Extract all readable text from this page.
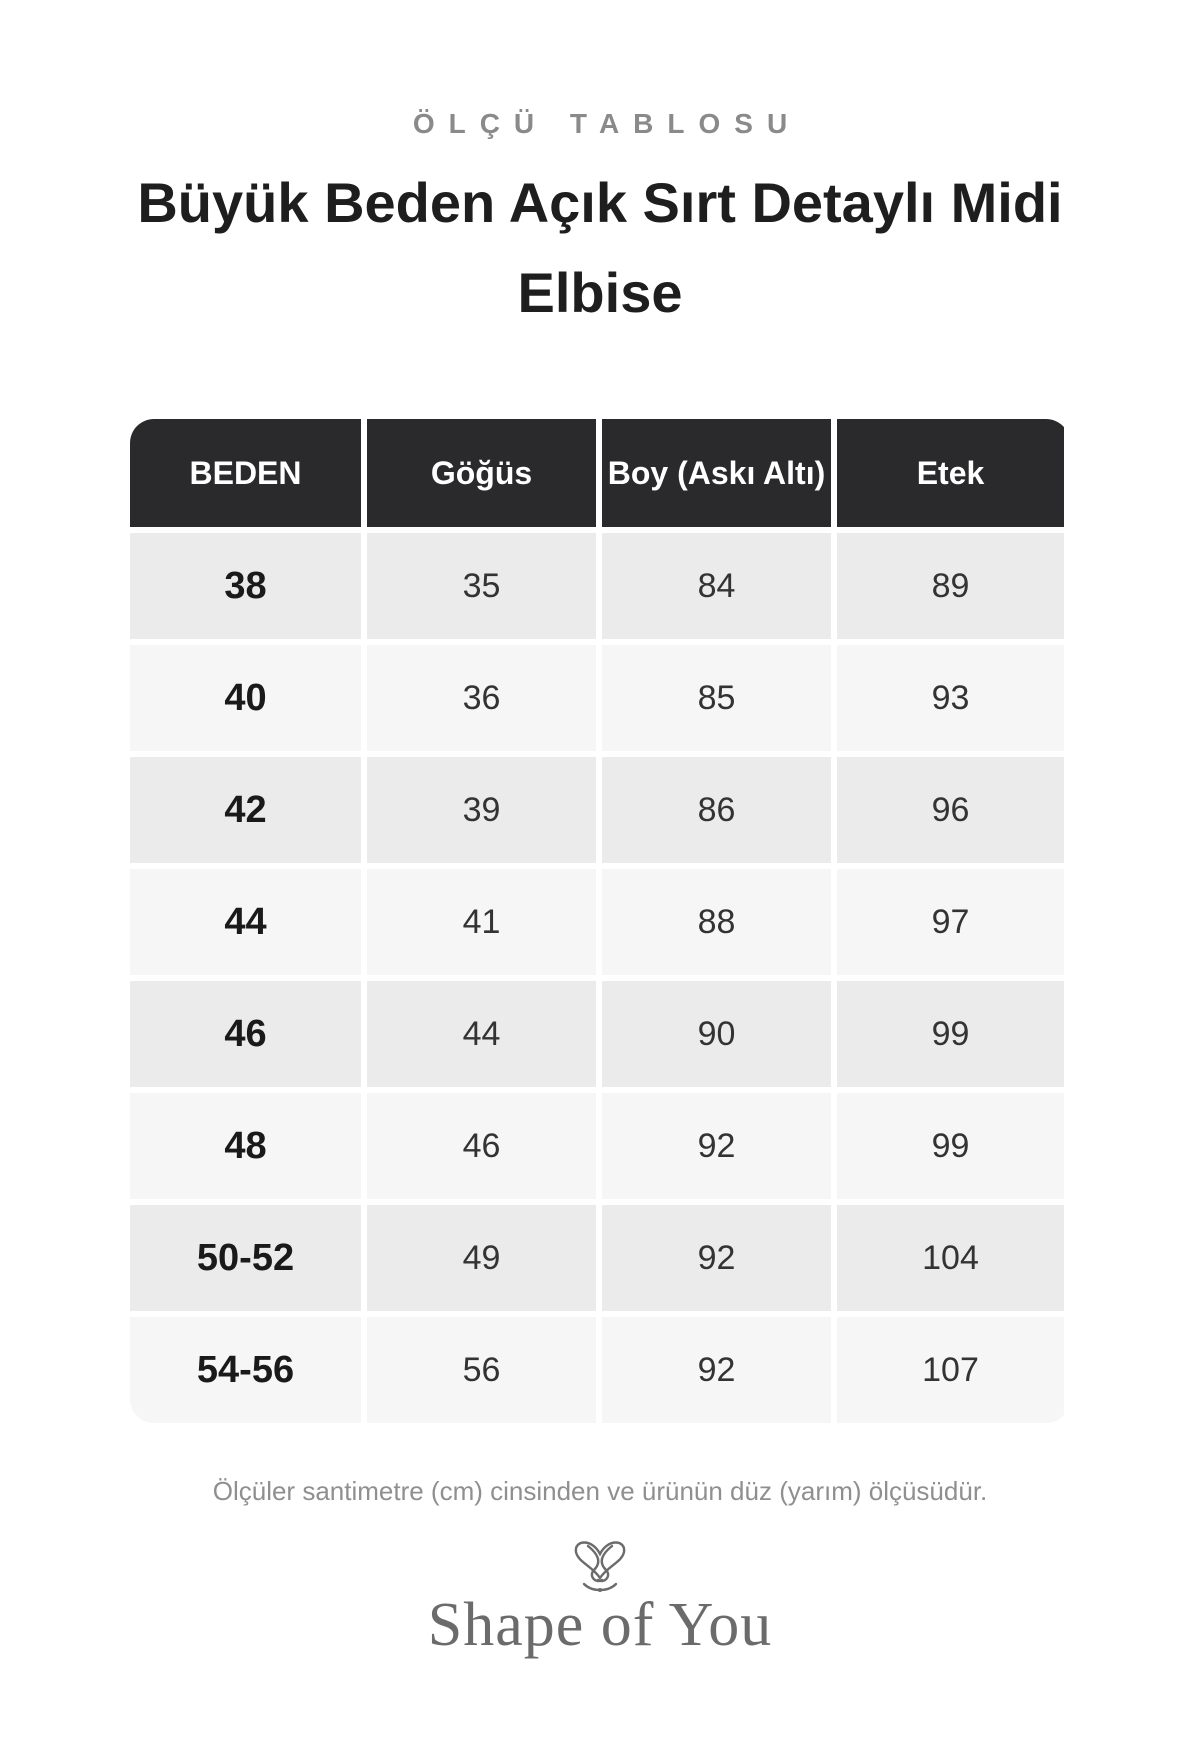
ÖLÇÜ TABLOSU
Büyük Beden Açık Sırt Detaylı Midi Elbise
BEDEN	Göğüs	Boy (Askı Altı)	Etek
38	35	84	89
40	36	85	93
42	39	86	96
44	41	88	97
46	44	90	99
48	46	92	99
50-52	49	92	104
54-56	56	92	107
Ölçüler santimetre (cm) cinsinden ve ürünün düz (yarım) ölçüsüdür.
Shape of You
